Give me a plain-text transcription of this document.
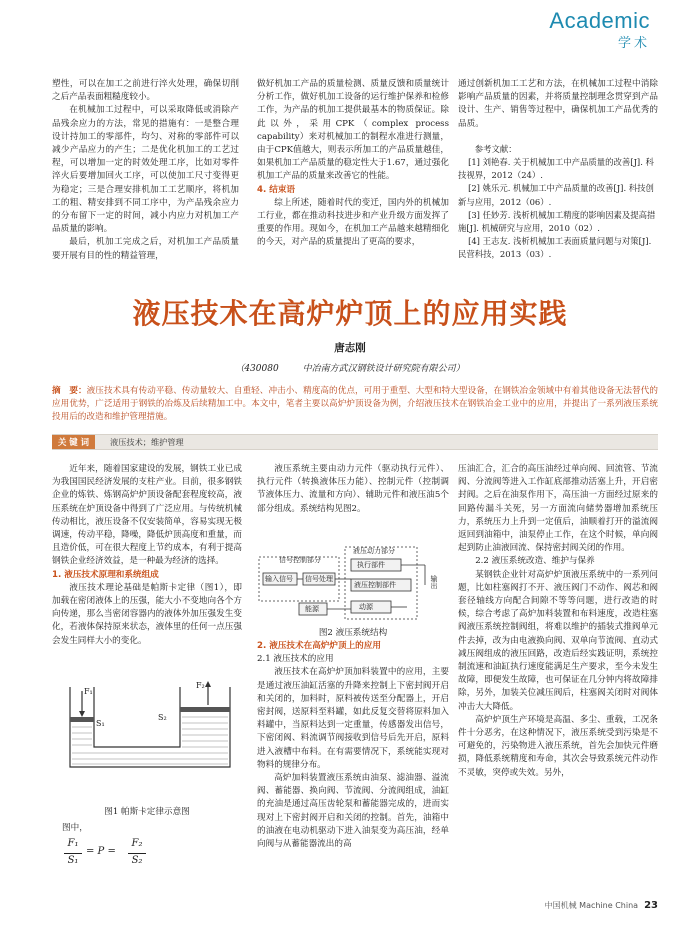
Academic
学术

塑性，可以在加工之前进行淬火处理，确保切削之后产品表面粗糙度较小。

在机械加工过程中，可以采取降低或消除产品残余应力的方法，常见的措施有：一是整合理设计持加工的零部件，均匀、对称的零部件可以减少产品应力的产生；二是优化机加工的工艺过程，可以增加一定的时效处理工序，比如对零件淬火后要增加回火工序，可以使加工尺寸变得更为稳定；三是合理安排机加工工艺顺序，将机加工的粗、精安排到不同工序中，为产品残余应力的分布留下一定的时间，减小内应力对机加工产品质量的影响。

最后，机加工完成之后，对机加工产品质量要开展有目的性的精益管理，

做好机加工产品的质量检测、质量反馈和质量统计分析工作，做好机加工设备的运行维护保养和检修工作，为产品的机加工提供最基本的物质保证。除此以外，采用CPK（complex process capability）来对机械加工的制程水准进行测量，由于CPK值越大，则表示所加工的产品质量越佳，如果机加工产品质量的稳定性大于1.67，通过强化机加工产品的质量来改善它的性能。

4. 结束语

综上所述，随着时代的变迁，国内外的机械加工行业，都在推动科技进步和产业升级方面发挥了重要的作用。现如今，在机加工产品越来越精细化的今天，对产品的质量提出了更高的要求，

通过创新机加工工艺和方法，在机械加工过程中消除影响产品质量的因素，并将质量控制理念贯穿到产品设计、生产、销售等过程中，确保机加工产品优秀的品质。

参考文献：

[1] 刘艳春. 关于机械加工中产品质量的改善[J]. 科技视界，2012（24）.

[2] 姚乐元. 机械加工中产品质量的改善[J]. 科技创新与应用，2012（06）.

[3] 任妙芳. 浅析机械加工精度的影响因素及提高措施[J]. 机械研究与应用，2010（02）.

[4] 王志友. 浅析机械加工表面质量问题与对策[J]. 民营科技，2013（03）.

液压技术在高炉炉顶上的应用实践
唐志刚
（430080	中冶南方武汉钢铁设计研究院有限公司）
摘　要：液压技术具有传动平稳、传动量较大、自重轻、冲击小、精度高的优点，可用于重型、大型和特大型设备，在钢铁冶金领域中有着其他设备无法替代的应用优势，广泛适用于钢铁的冶炼及后续精加工中。本文中，笔者主要以高炉炉顶设备为例，介绍液压技术在钢铁冶金工业中的应用，并提出了一系列液压系统投用后的改造和维护管理措施。
关 键 词	液压技术；维护管理

近年来，随着国家建设的发展，钢铁工业已成为我国国民经济发展的支柱产业。目前，很多钢铁企业的炼铁、炼钢高炉炉顶设备配套程度较高，液压系统在炉顶设备中得到了广泛应用。与传统机械传动相比，液压设备不仅安装简单，容易实现无极调速，传动平稳，降噪，降低炉顶高度和重量，而且造价低，可在很大程度上节约成本，有利于提高钢铁企业经济效益，是一种最为经济的选择。

1. 液压技术原理和系统组成

液压技术理论基础是帕斯卡定律（图1），即加载在密闭液体上的压强，能大小不变地向各个方向传递，那么当密闭容器内的液体外加压强发生变化，若液体保持原来状态，液体里的任何一点压强会发生同样大小的变化。

F₁
F₂
S₁
S₂
图1 帕斯卡定律示意图
图中，
F₁
S₁
= P =
F₂
S₂

液压系统主要由动力元件（驱动执行元件）、执行元件（转换液体压力能）、控制元件（控制调节液体压力、流量和方向）、辅助元件和液压油5个部分组成。系统结构见图2。

信号控制部分
液压动力部分
输入信号 信号处理
执行部件
液压控制部件
动源
能源
输出
图2 液压系统结构

2. 液压技术在高炉炉顶上的应用

2.1 液压技术的应用

液压技术在高炉炉顶加料装置中的应用，主要是通过液压油缸活塞的升降来控制上下密封阀开启和关闭的，加料时，原料被传送至分配器上，开启密封阀，送原料至料罐，如此反复交替将原料加入料罐中，当原料达到一定重量，传感器发出信号，下密闭阀、料流调节阀接收到信号后先开启，原料进入液槽中布料。在有需要情况下，系统能实现对物料的规律分布。

高炉加料装置液压系统由油泵、滤油器、溢流阀、蓄能器、换向阀、节流阀、分流阀组成，油缸的充油是通过高压齿轮泵和蓄能器完成的，进而实现对上下密封阀开启和关闭的控制。首先，油箱中的油液在电动机驱动下进入油泵变为高压油，经单向阀与从蓄能器流出的高

压油汇合，汇合的高压油经过单向阀、回流管、节流阀、分流阀等进入工作缸底部推动活塞上升，开启密封阀。之后在油泵作用下，高压油一方面经过原来的回路传漏斗关死，另一方面流向储势器增加系统压力，系统压力上升到一定值后，油顺着打开的溢流阀返回到油箱中，油泵停止工作，在这个时候，单向阀起到防止油液回流、保持密封阀关闭的作用。

2.2 液压系统改造、维护与保养

某钢铁企业针对高炉炉顶液压系统中的一系列问题，比如柱塞阀打不开、液压阀门不动作、阀芯和阀套径轴线方向配合间隙不等等问题，进行改造的时候，综合考虑了高炉加料装置和布料速度，改造柱塞阀液压系统控制阀组，将难以维护的插装式推阀单元件去掉，改为由电液换向阀、双单向节流阀、直动式减压阀组成的液压回路，改造后经实践证明，系统控制流速和油缸执行速度能满足生产要求，至今未发生故障，即便发生故障，也可保证在几分钟内将故障排除，另外，加装关位减压阀后，柱塞阀关闭时对阀体冲击大大降低。

高炉炉顶生产环境是高温、多尘、重载，工况条件十分恶劣，在这种情况下，液压系统受到污染是不可避免的，污染物进入液压系统，首先会加快元件磨损，降低系统精度和寿命，其次会导致系统元件动作不灵敏，突停或失效。另外，

中国机械 Machine China 23
